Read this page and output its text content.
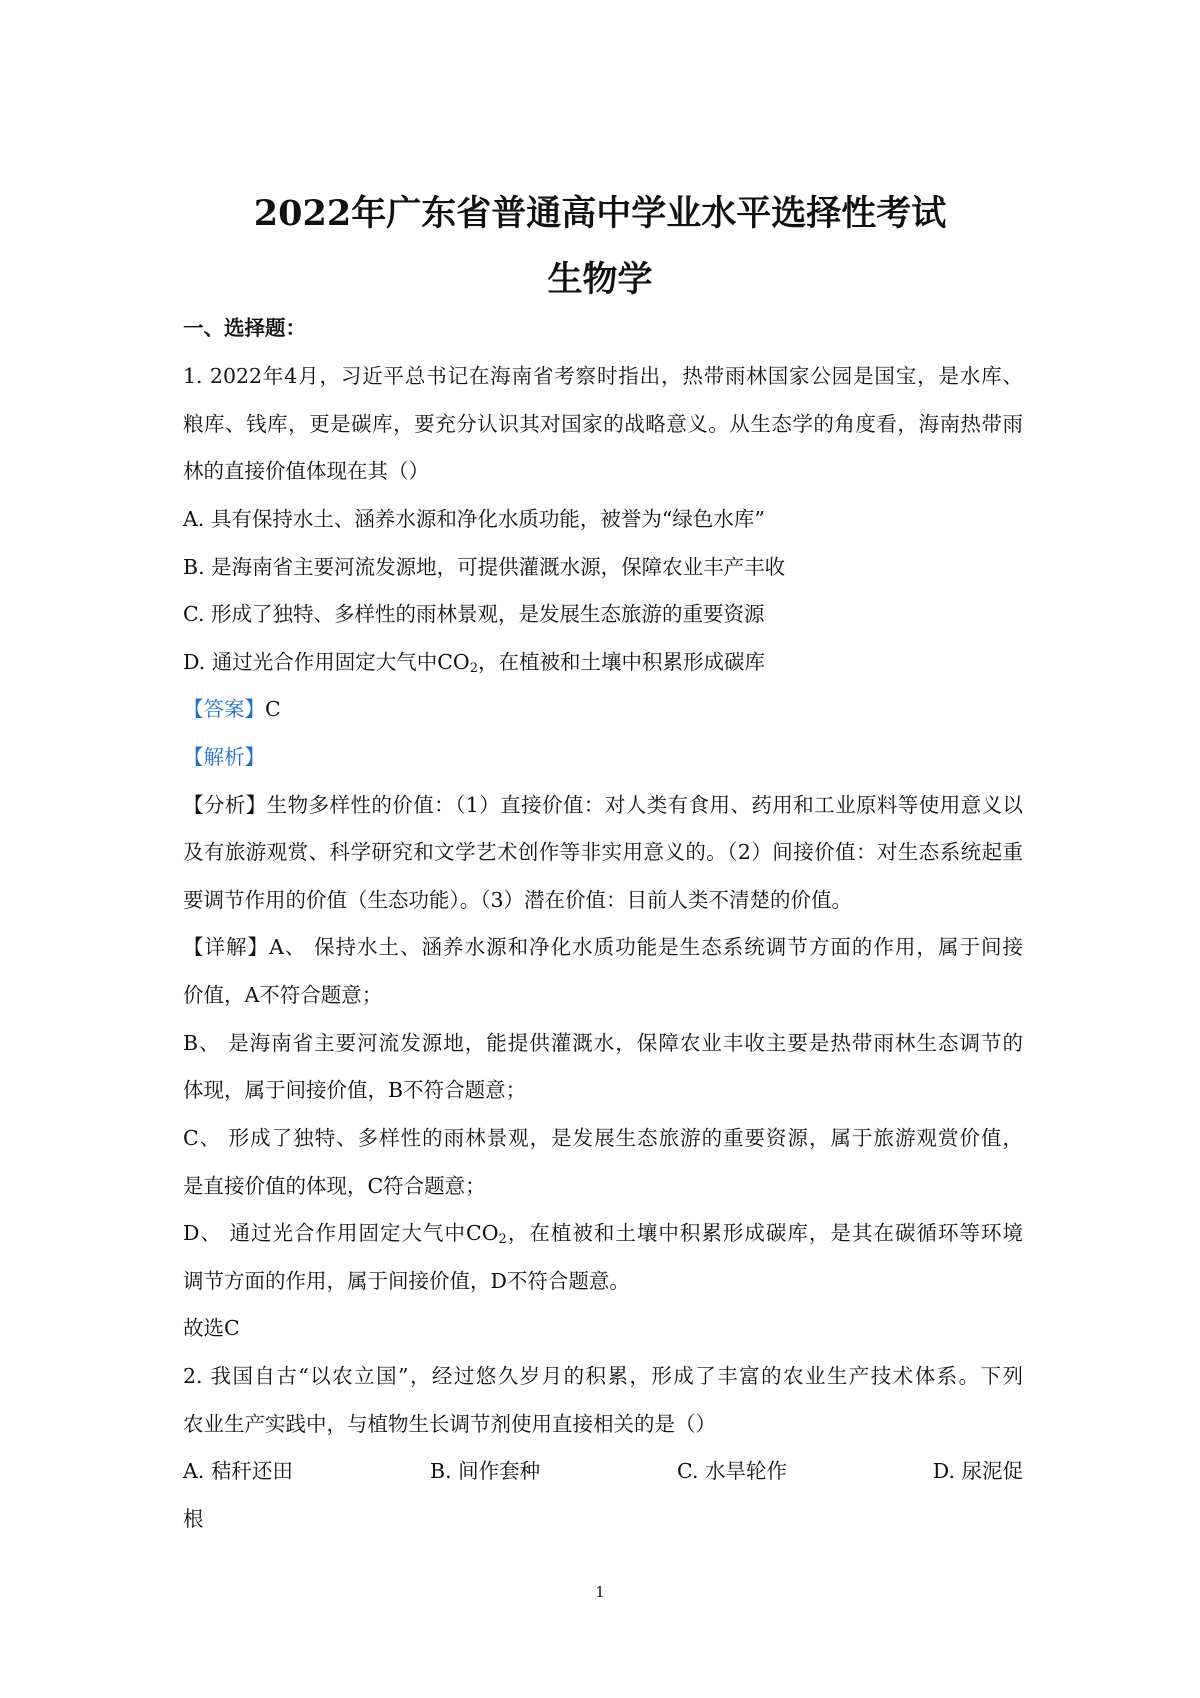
2022年广东省普通高中学业水平选择性考试
生物学

一、选择题：

1. 2022年4月，习近平总书记在海南省考察时指出，热带雨林国家公园是国宝，是水库、

粮库、钱库，更是碳库，要充分认识其对国家的战略意义。从生态学的角度看，海南热带雨

林的直接价值体现在其（）

A. 具有保持水土、涵养水源和净化水质功能，被誉为“绿色水库”

B. 是海南省主要河流发源地，可提供灌溉水源，保障农业丰产丰收

C. 形成了独特、多样性的雨林景观，是发展生态旅游的重要资源

D. 通过光合作用固定大气中$CO_2$，在植被和土壤中积累形成碳库

【答案】C

【解析】

【分析】生物多样性的价值：（1）直接价值：对人类有食用、药用和工业原料等使用意义以

及有旅游观赏、科学研究和文学艺术创作等非实用意义的。（2）间接价值：对生态系统起重

要调节作用的价值（生态功能）。（3）潜在价值：目前人类不清楚的价值。

【详解】A、 保持水土、涵养水源和净化水质功能是生态系统调节方面的作用，属于间接

价值，A不符合题意；

B、 是海南省主要河流发源地，能提供灌溉水，保障农业丰收主要是热带雨林生态调节的

体现，属于间接价值，B不符合题意；

C、 形成了独特、多样性的雨林景观，是发展生态旅游的重要资源，属于旅游观赏价值，

是直接价值的体现，C符合题意；

D、 通过光合作用固定大气中$CO_2$，在植被和土壤中积累形成碳库，是其在碳循环等环境

调节方面的作用，属于间接价值，D不符合题意。

故选C

2. 我国自古“以农立国”，经过悠久岁月的积累，形成了丰富的农业生产技术体系。下列

农业生产实践中，与植物生长调节剂使用直接相关的是（）

A. 秸秆还田	B. 间作套种	C. 水旱轮作	D. 尿泥促

根

1
